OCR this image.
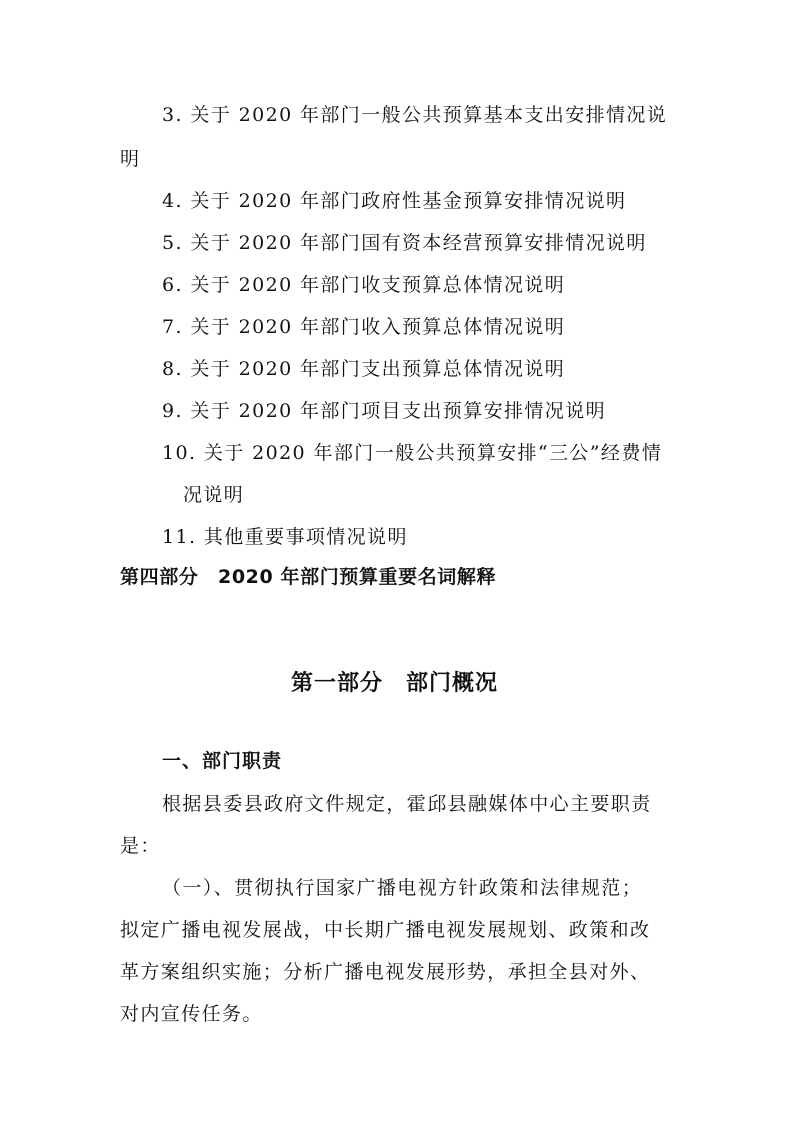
3. 关于 2020 年部门一般公共预算基本支出安排情况说
明
4. 关于 2020 年部门政府性基金预算安排情况说明
5. 关于 2020 年部门国有资本经营预算安排情况说明
6. 关于 2020 年部门收支预算总体情况说明
7. 关于 2020 年部门收入预算总体情况说明
8. 关于 2020 年部门支出预算总体情况说明
9. 关于 2020 年部门项目支出预算安排情况说明
10. 关于 2020 年部门一般公共预算安排“三公”经费情
况说明
11. 其他重要事项情况说明
第四部分　2020 年部门预算重要名词解释
第一部分　部门概况
一、部门职责
根据县委县政府文件规定，霍邱县融媒体中心主要职责
是：
（一）、贯彻执行国家广播电视方针政策和法律规范；
拟定广播电视发展战，中长期广播电视发展规划、政策和改
革方案组织实施；分析广播电视发展形势，承担全县对外、
对内宣传任务。
